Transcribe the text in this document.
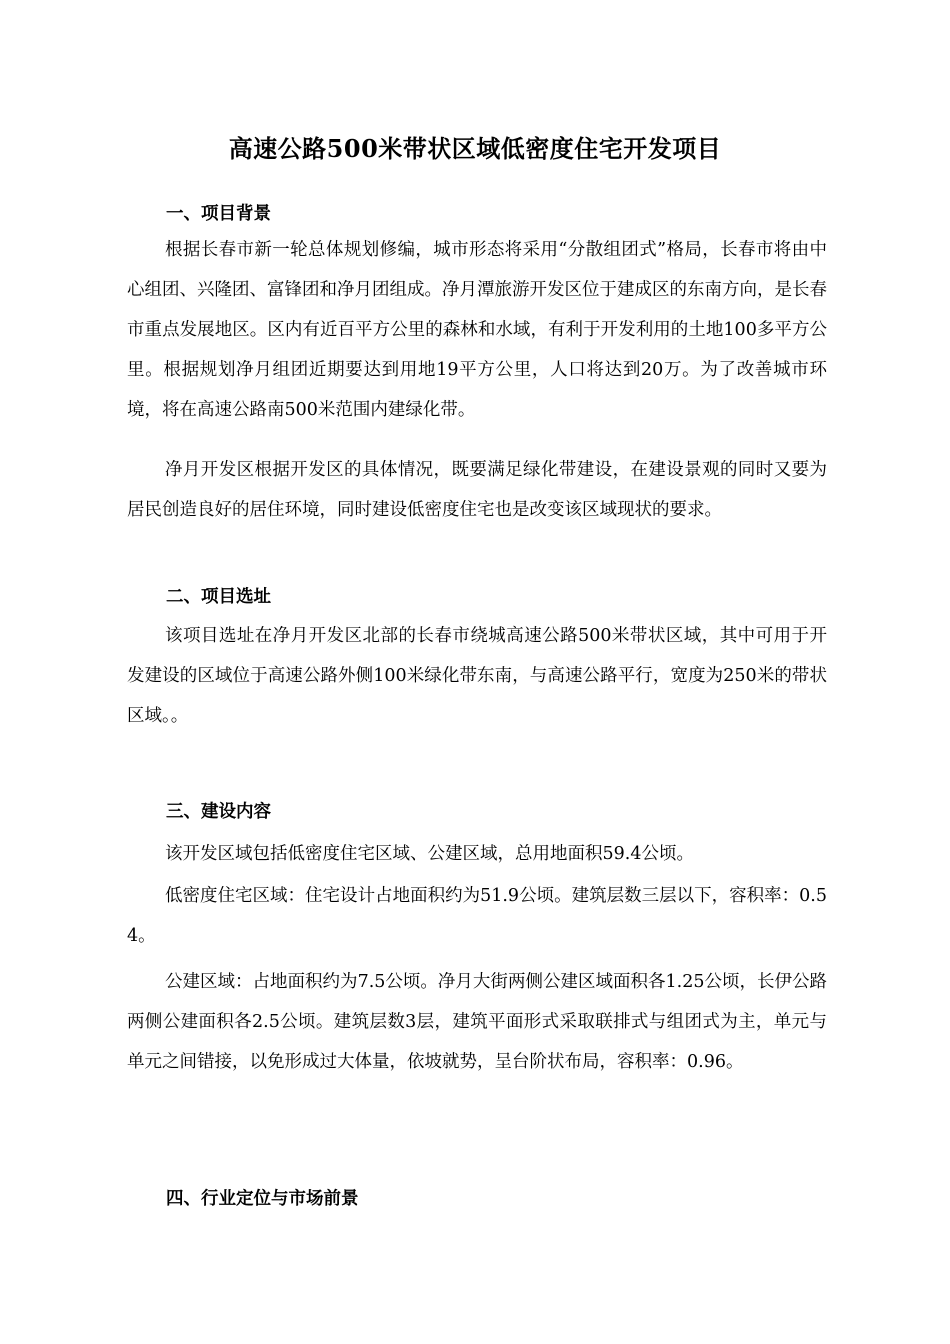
高速公路500米带状区域低密度住宅开发项目
一、项目背景
根据长春市新一轮总体规划修编，城市形态将采用“分散组团式”格局，长春市将由中心组团、兴隆团、富锋团和净月团组成。净月潭旅游开发区位于建成区的东南方向，是长春市重点发展地区。区内有近百平方公里的森林和水域，有利于开发利用的土地100多平方公里。根据规划净月组团近期要达到用地19平方公里，人口将达到20万。为了改善城市环境，将在高速公路南500米范围内建绿化带。
净月开发区根据开发区的具体情况，既要满足绿化带建设，在建设景观的同时又要为居民创造良好的居住环境，同时建设低密度住宅也是改变该区域现状的要求。
二、项目选址
该项目选址在净月开发区北部的长春市绕城高速公路500米带状区域，其中可用于开发建设的区域位于高速公路外侧100米绿化带东南，与高速公路平行，宽度为250米的带状区域。。
三、建设内容
该开发区域包括低密度住宅区域、公建区域，总用地面积59.4公顷。
低密度住宅区域：住宅设计占地面积约为51.9公顷。建筑层数三层以下，容积率：0.54。
公建区域：占地面积约为7.5公顷。净月大街两侧公建区域面积各1.25公顷，长伊公路两侧公建面积各2.5公顷。建筑层数3层，建筑平面形式采取联排式与组团式为主，单元与单元之间错接，以免形成过大体量，依坡就势，呈台阶状布局，容积率：0.96。
四、行业定位与市场前景
